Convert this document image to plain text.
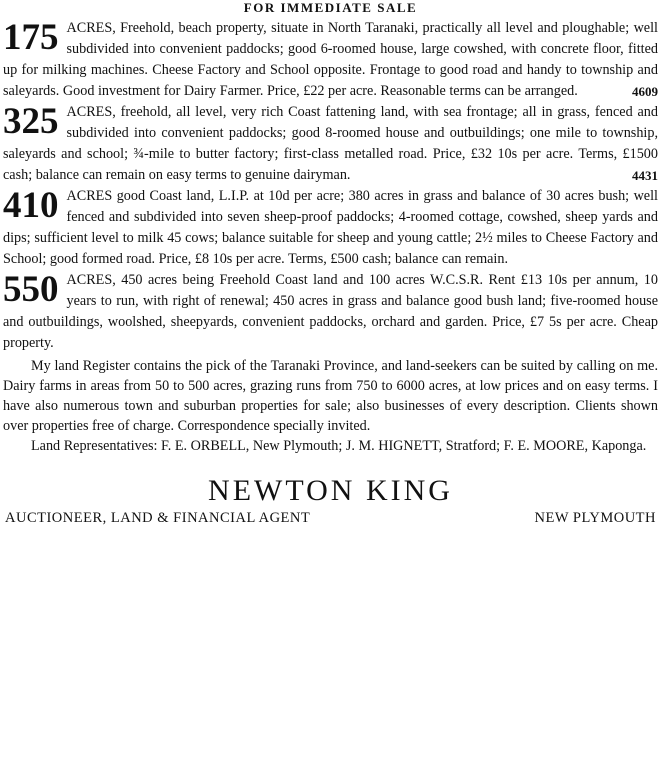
FOR IMMEDIATE SALE
175 ACRES, Freehold, beach property, situate in North Taranaki, practically all level and ploughable; well subdivided into convenient paddocks; good 6-roomed house, large cowshed, with concrete floor, fitted up for milking machines. Cheese Factory and School opposite. Frontage to good road and handy to township and saleyards. Good investment for Dairy Farmer. Price, £22 per acre. Reasonable terms can be arranged.	4609
325 ACRES, freehold, all level, very rich Coast fattening land, with sea frontage; all in grass, fenced and subdivided into convenient paddocks; good 8-roomed house and outbuildings; one mile to township, saleyards and school; ¾-mile to butter factory; first-class metalled road. Price, £32 10s per acre. Terms, £1500 cash; balance can remain on easy terms to genuine dairyman.	4431
410 ACRES good Coast land, L.I.P. at 10d per acre; 380 acres in grass and balance of 30 acres bush; well fenced and subdivided into seven sheep-proof paddocks; 4-roomed cottage, cowshed, sheep yards and dips; sufficient level to milk 45 cows; balance suitable for sheep and young cattle; 2½ miles to Cheese Factory and School; good formed road. Price, £8 10s per acre. Terms, £500 cash; balance can remain.
550 ACRES, 450 acres being Freehold Coast land and 100 acres W.C.S.R. Rent £13 10s per annum, 10 years to run, with right of renewal; 450 acres in grass and balance good bush land; five-roomed house and outbuildings, woolshed, sheepyards, convenient paddocks, orchard and garden. Price, £7 5s per acre. Cheap property.

My land Register contains the pick of the Taranaki Province, and land-seekers can be suited by calling on me. Dairy farms in areas from 50 to 500 acres, grazing runs from 750 to 6000 acres, at low prices and on easy terms. I have also numerous town and suburban properties for sale; also businesses of every description. Clients shown over properties free of charge. Correspondence specially invited.

Land Representatives: F. E. ORBELL, New Plymouth; J. M. HIGNETT, Stratford; F. E. MOORE, Kaponga.

NEWTON KING
AUCTIONEER, LAND & FINANCIAL AGENT	NEW PLYMOUTH
